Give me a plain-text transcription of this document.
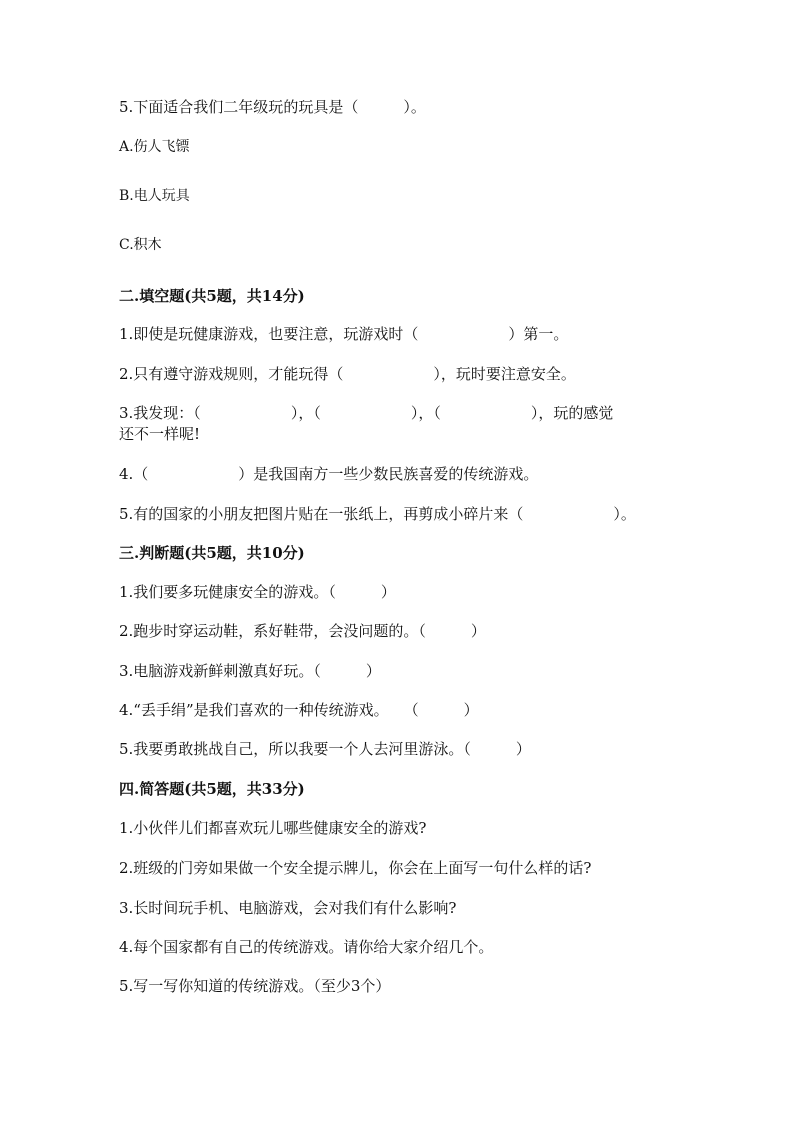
5.下面适合我们二年级玩的玩具是（　　　）。
A.伤人飞镖
B.电人玩具
C.积木
二.填空题(共5题，共14分)
1.即使是玩健康游戏，也要注意，玩游戏时（　　　　　　）第一。
2.只有遵守游戏规则，才能玩得（　　　　　　），玩时要注意安全。
3.我发现：（　　　　　　），（　　　　　　），（　　　　　　），玩的感觉
还不一样呢!
4.（　　　　　　）是我国南方一些少数民族喜爱的传统游戏。
5.有的国家的小朋友把图片贴在一张纸上，再剪成小碎片来（　　　　　　）。
三.判断题(共5题，共10分)
1.我们要多玩健康安全的游戏。（　　　）
2.跑步时穿运动鞋，系好鞋带，会没问题的。（　　　）
3.电脑游戏新鲜刺激真好玩。（　　　）
4.“丢手绢”是我们喜欢的一种传统游戏。　　（　　　）
5.我要勇敢挑战自己，所以我要一个人去河里游泳。（　　　）
四.简答题(共5题，共33分)
1.小伙伴儿们都喜欢玩儿哪些健康安全的游戏?
2.班级的门旁如果做一个安全提示牌儿，你会在上面写一句什么样的话?
3.长时间玩手机、电脑游戏，会对我们有什么影响?
4.每个国家都有自己的传统游戏。请你给大家介绍几个。
5.写一写你知道的传统游戏。（至少3个）
